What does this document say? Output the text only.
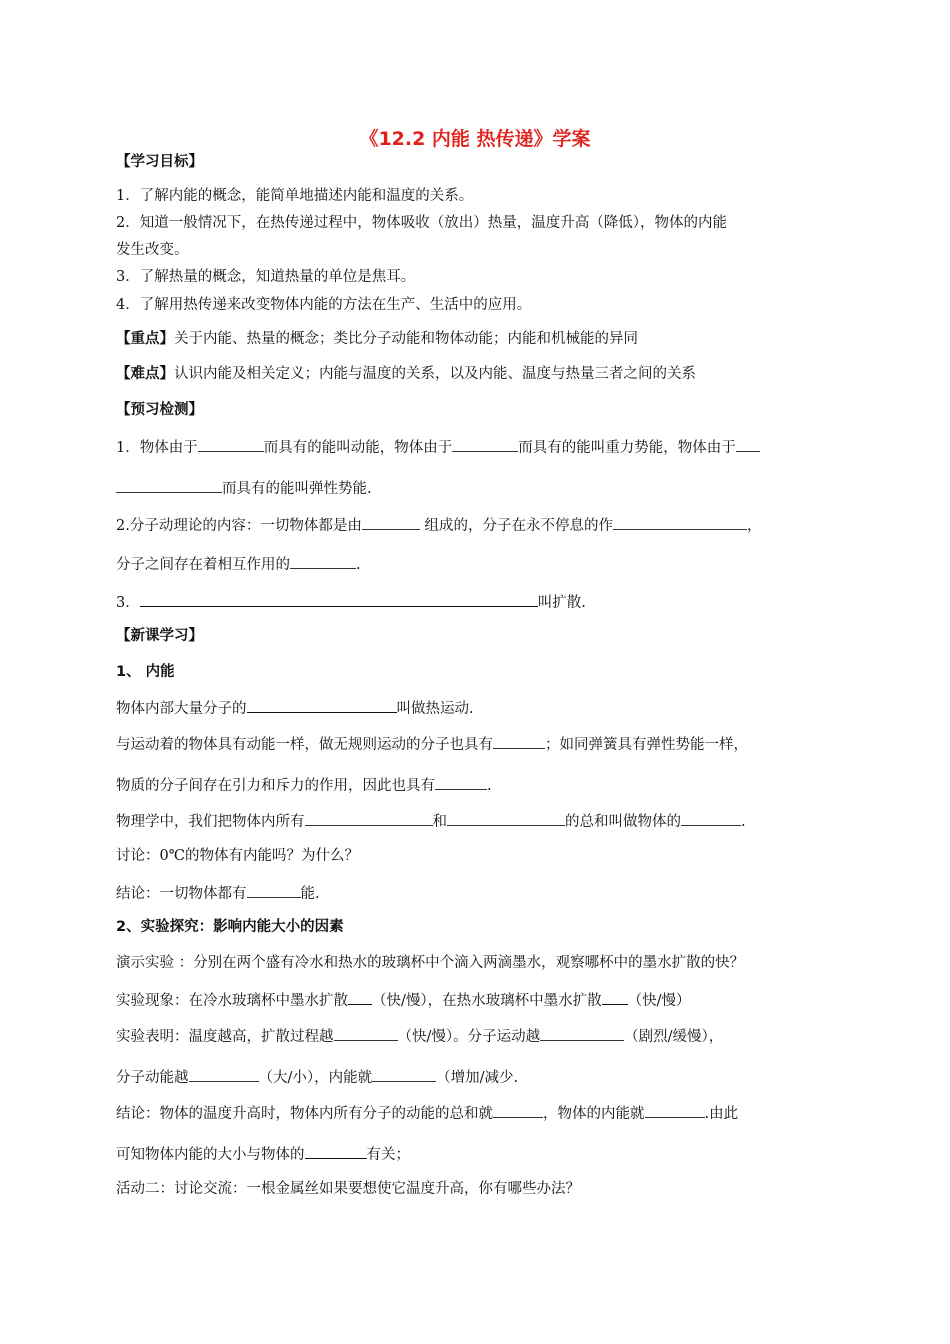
《12.2 内能 热传递》学案
【学习目标】
1．了解内能的概念，能简单地描述内能和温度的关系。
2．知道一般情况下，在热传递过程中，物体吸收（放出）热量，温度升高（降低），物体的内能
发生改变。
3．了解热量的概念，知道热量的单位是焦耳。
4．了解用热传递来改变物体内能的方法在生产、生活中的应用。
【重点】关于内能、热量的概念；类比分子动能和物体动能；内能和机械能的异同
【难点】认识内能及相关定义；内能与温度的关系，以及内能、温度与热量三者之间的关系
【预习检测】
1．物体由于	而具有的能叫动能，物体由于	而具有的能叫重力势能，物体由于
而具有的能叫弹性势能.
2.分子动理论的内容：一切物体都是由	组成的，分子在永不停息的作	，
分子之间存在着相互作用的	.
3．	叫扩散.
【新课学习】
1、 内能
物体内部大量分子的	叫做热运动.
与运动着的物体具有动能一样，做无规则运动的分子也具有	；如同弹簧具有弹性势能一样，
物质的分子间存在引力和斥力的作用，因此也具有	.
物理学中，我们把物体内所有	和	的总和叫做物体的	.
讨论：0℃的物体有内能吗？为什么？
结论：一切物体都有	能.
2、实验探究：影响内能大小的因素
演示实验 ：分别在两个盛有冷水和热水的玻璃杯中个滴入两滴墨水，观察哪杯中的墨水扩散的快？
实验现象：在冷水玻璃杯中墨水扩散 （快/慢），在热水玻璃杯中墨水扩散 （快/慢）
实验表明：温度越高，扩散过程越	（快/慢）。分子运动越	（剧烈/缓慢），
分子动能越	（大/小），内能就	（增加/减少.
结论：物体的温度升高时，物体内所有分子的动能的总和就	，物体的内能就	.由此
可知物体内能的大小与物体的	有关；
活动二：讨论交流：一根金属丝如果要想使它温度升高，你有哪些办法？
